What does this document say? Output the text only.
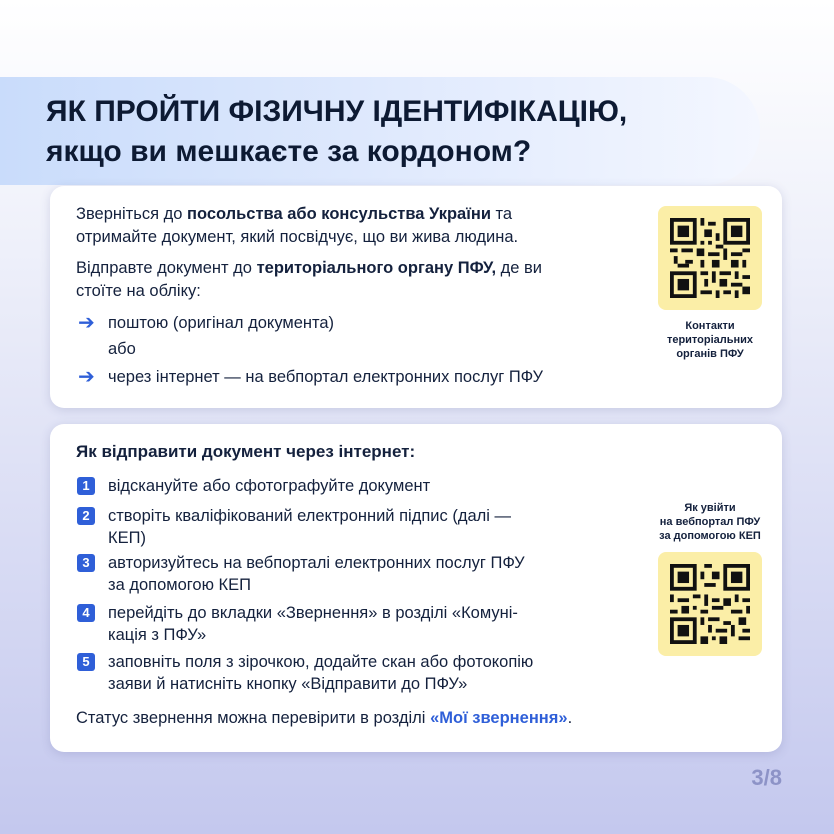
ЯК ПРОЙТИ ФІЗИЧНУ ІДЕНТИФІКАЦІЮ,
якщо ви мешкаєте за кордоном?

Зверніться до посольства або консульства України та
отримайте документ, який посвідчує, що ви жива людина.

Відправте документ до територіального органу ПФУ, де ви
стоїте на обліку:

➔ поштою (оригінал документа)

або

➔ через інтернет — на вебпортал електронних послуг ПФУ

Контакти
територіальних
органів ПФУ

Як відправити документ через інтернет:

1	відскануйте або сфотографуйте документ

2	створіть кваліфікований електронний підпис (далі —
КЕП)

3	авторизуйтесь на вебпорталі електронних послуг ПФУ
за допомогою КЕП

4	перейдіть до вкладки «Звернення» в розділі «Комуні-
кація з ПФУ»

5	заповніть поля з зірочкою, додайте скан або фотокопію
заяви й натисніть кнопку «Відправити до ПФУ»

Статус звернення можна перевірити в розділі «Мої звернення».

Як увійти
на вебпортал ПФУ
за допомогою КЕП

3/8
